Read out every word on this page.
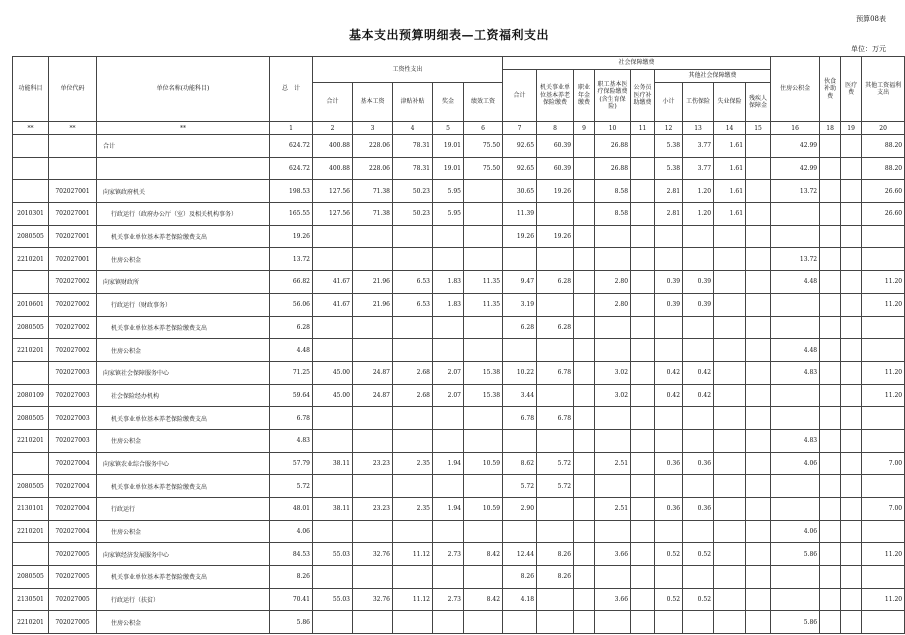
预算08表
基本支出预算明细表—工资福利支出
单位：万元
功能科目	单位代码	单位名称(功能科目)	总　计	工资性支出					社会保障缴费									住房公积金	伙食补助费	医疗费	其他工资福利支出
									合计	机关事业单位基本养老保险缴费	职业年金缴费	职工基本医疗保险缴费(含生育保险)	公务员医疗补助缴费	其他社会保障缴费							
				合计	基本工资	津贴补贴	奖金	绩效工资						小计	工伤保险	失业保险	残疾人保障金				
**	**	**	1	2	3	4	5	6	7	8	9	10	11	12	13	14	15	16	18	19	20
		合计	624.72	400.88	228.06	78.31	19.01	75.50	92.65	60.39		26.88		5.38	3.77	1.61		42.99			88.20
			624.72	400.88	228.06	78.31	19.01	75.50	92.65	60.39		26.88		5.38	3.77	1.61		42.99			88.20
	702027001	向家镇政府机关	198.53	127.56	71.38	50.23	5.95		30.65	19.26		8.58		2.81	1.20	1.61		13.72			26.60
2010301	702027001	行政运行（政府办公厅（室）及相关机构事务）	165.55	127.56	71.38	50.23	5.95		11.39			8.58		2.81	1.20	1.61					26.60
2080505	702027001	机关事业单位基本养老保险缴费支出	19.26						19.26	19.26											
2210201	702027001	住房公积金	13.72															13.72			
	702027002	向家镇财政所	66.82	41.67	21.96	6.53	1.83	11.35	9.47	6.28		2.80		0.39	0.39			4.48			11.20
2010601	702027002	行政运行（财政事务）	56.06	41.67	21.96	6.53	1.83	11.35	3.19			2.80		0.39	0.39						11.20
2080505	702027002	机关事业单位基本养老保险缴费支出	6.28						6.28	6.28											
2210201	702027002	住房公积金	4.48															4.48			
	702027003	向家镇社会保障服务中心	71.25	45.00	24.87	2.68	2.07	15.38	10.22	6.78		3.02		0.42	0.42			4.83			11.20
2080109	702027003	社会保险经办机构	59.64	45.00	24.87	2.68	2.07	15.38	3.44			3.02		0.42	0.42						11.20
2080505	702027003	机关事业单位基本养老保险缴费支出	6.78						6.78	6.78											
2210201	702027003	住房公积金	4.83															4.83			
	702027004	向家镇农业综合服务中心	57.79	38.11	23.23	2.35	1.94	10.59	8.62	5.72		2.51		0.36	0.36			4.06			7.00
2080505	702027004	机关事业单位基本养老保险缴费支出	5.72						5.72	5.72											
2130101	702027004	行政运行	48.01	38.11	23.23	2.35	1.94	10.59	2.90			2.51		0.36	0.36						7.00
2210201	702027004	住房公积金	4.06															4.06			
	702027005	向家镇经济发展服务中心	84.53	55.03	32.76	11.12	2.73	8.42	12.44	8.26		3.66		0.52	0.52			5.86			11.20
2080505	702027005	机关事业单位基本养老保险缴费支出	8.26						8.26	8.26											
2130501	702027005	行政运行（扶贫）	70.41	55.03	32.76	11.12	2.73	8.42	4.18			3.66		0.52	0.52						11.20
2210201	702027005	住房公积金	5.86															5.86			
